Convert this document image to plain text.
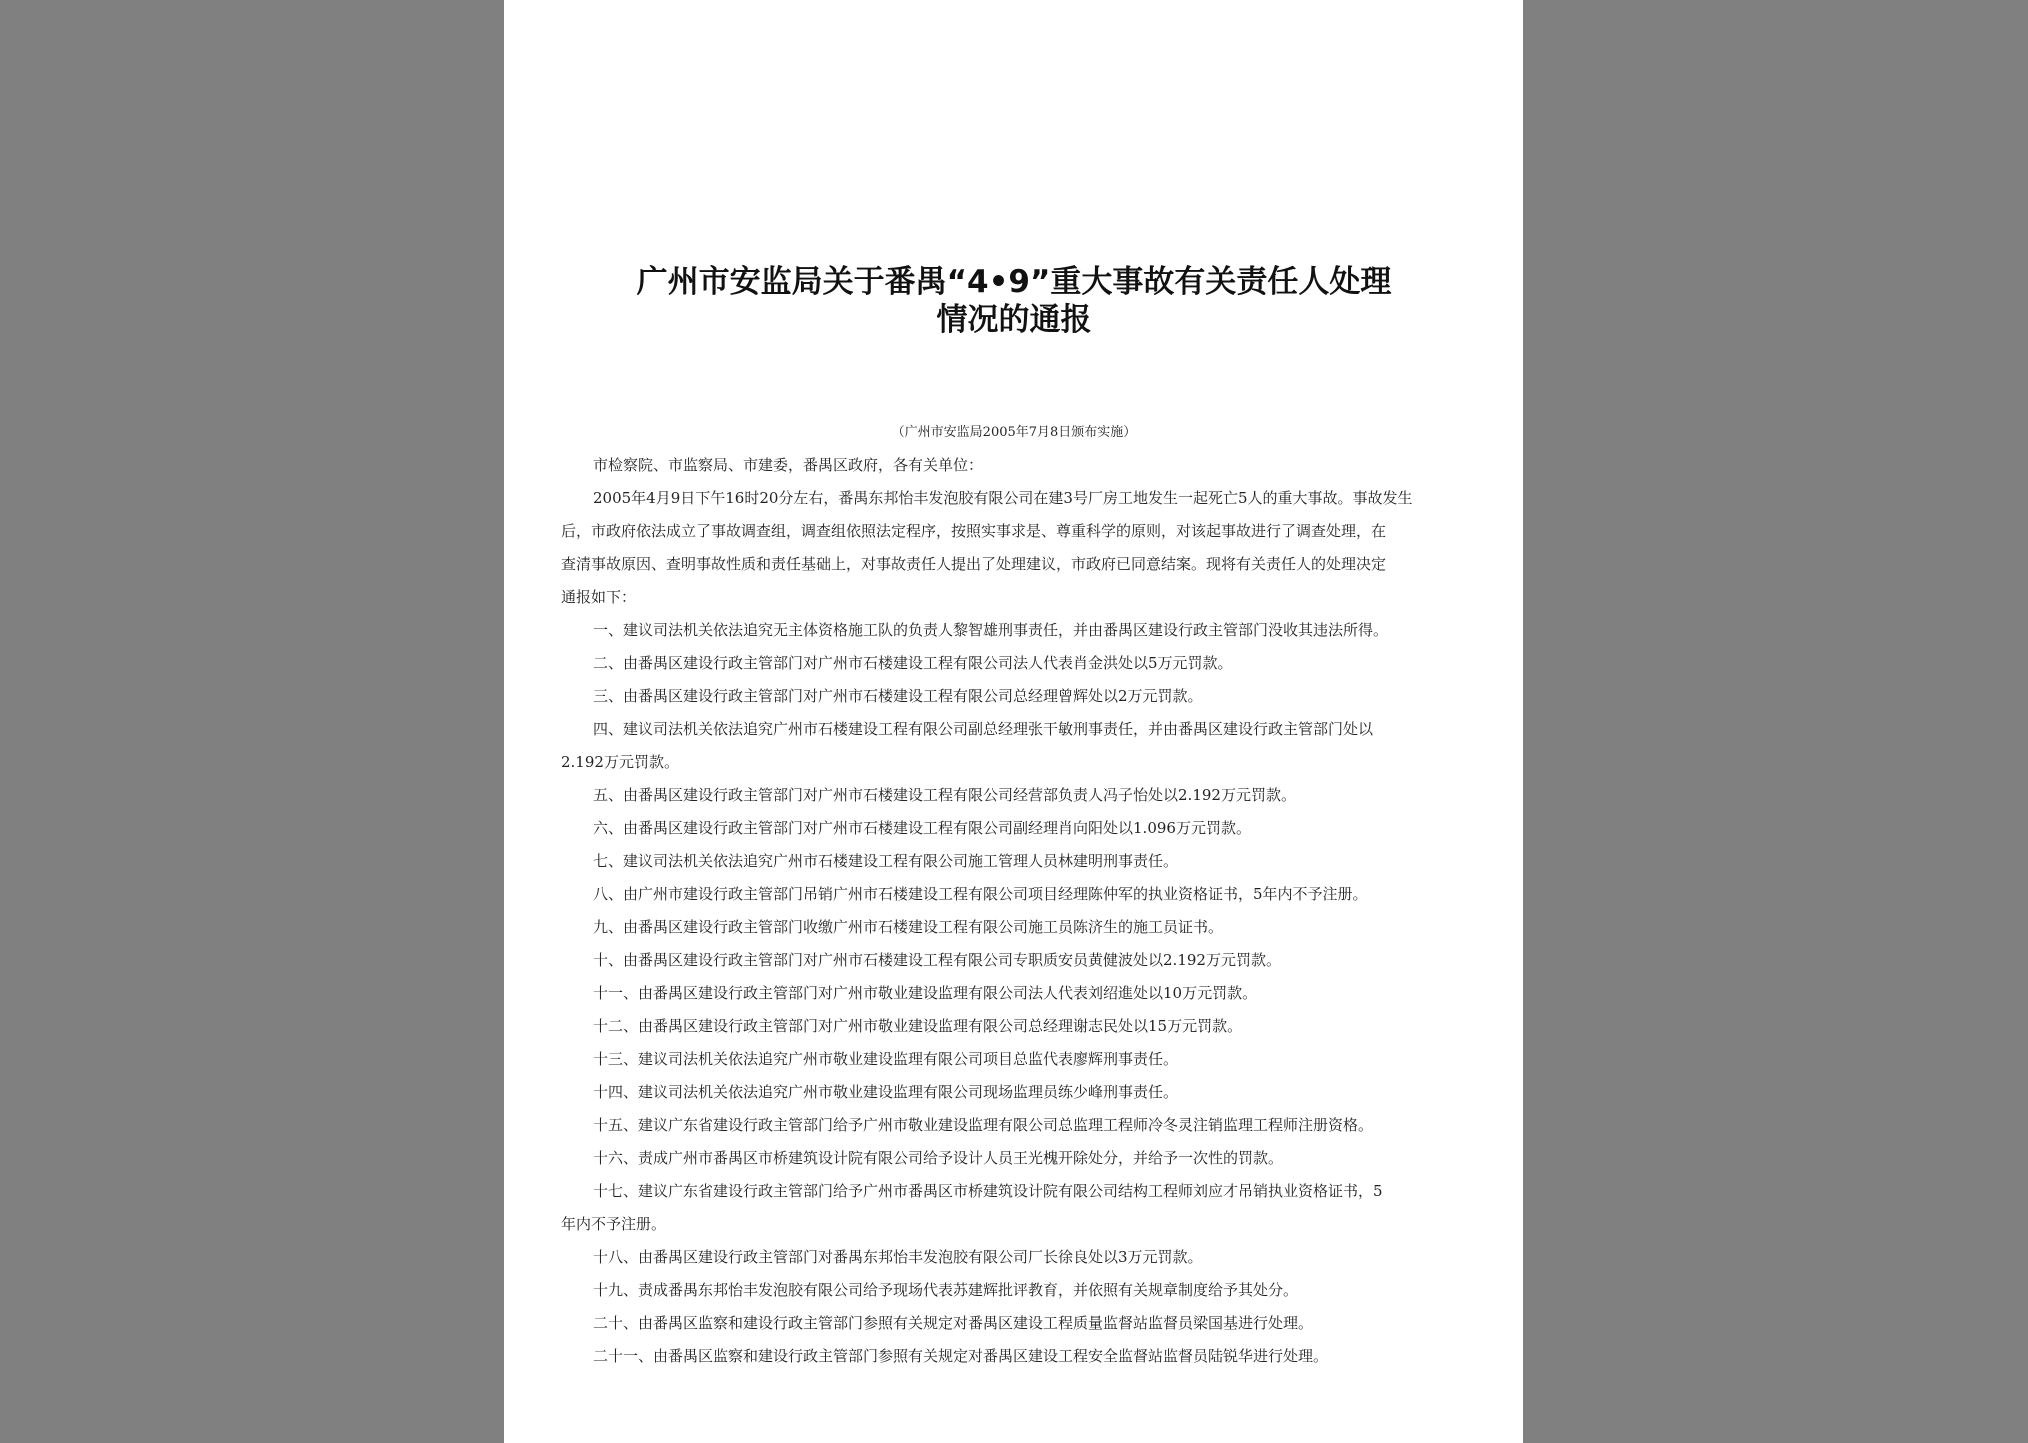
广州市安监局关于番禺“4•9”重大事故有关责任人处理
情况的通报
（广州市安监局2005年7月8日颁布实施）
市检察院、市监察局、市建委，番禺区政府，各有关单位：
2005年4月9日下午16时20分左右，番禺东邦怡丰发泡胶有限公司在建3号厂房工地发生一起死亡5人的重大事故。事故发生
后，市政府依法成立了事故调查组，调查组依照法定程序，按照实事求是、尊重科学的原则，对该起事故进行了调查处理，在
查清事故原因、查明事故性质和责任基础上，对事故责任人提出了处理建议，市政府已同意结案。现将有关责任人的处理决定
通报如下：
一、建议司法机关依法追究无主体资格施工队的负责人黎智雄刑事责任，并由番禺区建设行政主管部门没收其违法所得。
二、由番禺区建设行政主管部门对广州市石楼建设工程有限公司法人代表肖金洪处以5万元罚款。
三、由番禺区建设行政主管部门对广州市石楼建设工程有限公司总经理曾辉处以2万元罚款。
四、建议司法机关依法追究广州市石楼建设工程有限公司副总经理张干敏刑事责任，并由番禺区建设行政主管部门处以
2.192万元罚款。
五、由番禺区建设行政主管部门对广州市石楼建设工程有限公司经营部负责人冯子怡处以2.192万元罚款。
六、由番禺区建设行政主管部门对广州市石楼建设工程有限公司副经理肖向阳处以1.096万元罚款。
七、建议司法机关依法追究广州市石楼建设工程有限公司施工管理人员林建明刑事责任。
八、由广州市建设行政主管部门吊销广州市石楼建设工程有限公司项目经理陈仲军的执业资格证书，5年内不予注册。
九、由番禺区建设行政主管部门收缴广州市石楼建设工程有限公司施工员陈济生的施工员证书。
十、由番禺区建设行政主管部门对广州市石楼建设工程有限公司专职质安员黄健波处以2.192万元罚款。
十一、由番禺区建设行政主管部门对广州市敬业建设监理有限公司法人代表刘绍進处以10万元罚款。
十二、由番禺区建设行政主管部门对广州市敬业建设监理有限公司总经理谢志民处以15万元罚款。
十三、建议司法机关依法追究广州市敬业建设监理有限公司项目总监代表廖辉刑事责任。
十四、建议司法机关依法追究广州市敬业建设监理有限公司现场监理员练少峰刑事责任。
十五、建议广东省建设行政主管部门给予广州市敬业建设监理有限公司总监理工程师冷冬灵注销监理工程师注册资格。
十六、责成广州市番禺区市桥建筑设计院有限公司给予设计人员王光槐开除处分，并给予一次性的罚款。
十七、建议广东省建设行政主管部门给予广州市番禺区市桥建筑设计院有限公司结构工程师刘应才吊销执业资格证书，5
年内不予注册。
十八、由番禺区建设行政主管部门对番禺东邦怡丰发泡胶有限公司厂长徐良处以3万元罚款。
十九、责成番禺东邦怡丰发泡胶有限公司给予现场代表苏建辉批评教育，并依照有关规章制度给予其处分。
二十、由番禺区监察和建设行政主管部门参照有关规定对番禺区建设工程质量监督站监督员梁国基进行处理。
二十一、由番禺区监察和建设行政主管部门参照有关规定对番禺区建设工程安全监督站监督员陆锐华进行处理。
